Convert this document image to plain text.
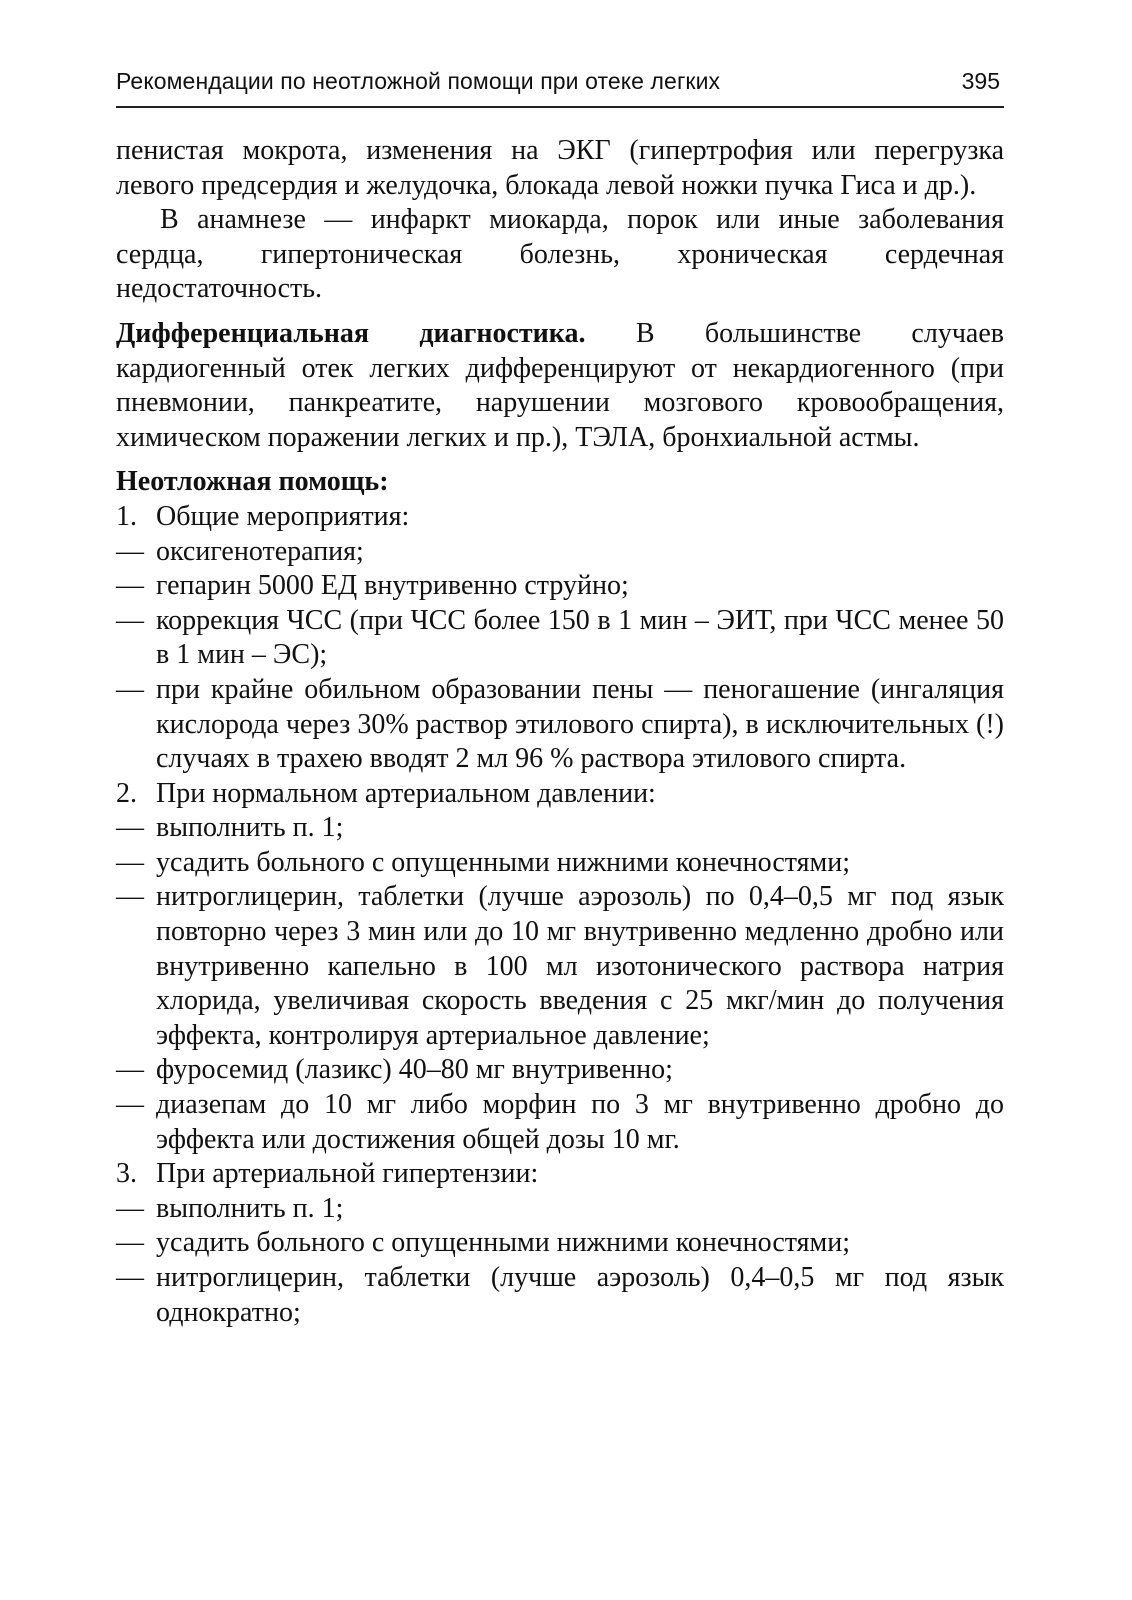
Рекомендации по неотложной помощи при отеке легких	395

пенистая мокрота, изменения на ЭКГ (гипертрофия или перегрузка левого предсердия и желудочка, блокада левой ножки пучка Гиса и др.).

В анамнезе — инфаркт миокарда, порок или иные заболевания сердца, гипертоническая болезнь, хроническая сердечная недостаточность.

Дифференциальная диагностика. В большинстве случаев кардиогенный отек легких дифференцируют от некардиогенного (при пневмонии, панкреатите, нарушении мозгового кровообращения, химическом поражении легких и пр.), ТЭЛА, бронхиальной астмы.

Неотложная помощь:

1. Общие мероприятия:

— оксигенотерапия;

— гепарин 5000 ЕД внутривенно струйно;

— коррекция ЧСС (при ЧСС более 150 в 1 мин – ЭИТ, при ЧСС менее 50 в 1 мин – ЭС);

— при крайне обильном образовании пены — пеногашение (ингаляция кислорода через 30% раствор этилового спирта), в исключительных (!) случаях в трахею вводят 2 мл 96 % раствора этилового спирта.

2. При нормальном артериальном давлении:

— выполнить п. 1;

— усадить больного с опущенными нижними конечностями;

— нитроглицерин, таблетки (лучше аэрозоль) по 0,4–0,5 мг под язык повторно через 3 мин или до 10 мг внутривенно медленно дробно или внутривенно капельно в 100 мл изотонического раствора натрия хлорида, увеличивая скорость введения с 25 мкг/мин до получения эффекта, контролируя артериальное давление;

— фуросемид (лазикс) 40–80 мг внутривенно;

— диазепам до 10 мг либо морфин по 3 мг внутривенно дробно до эффекта или достижения общей дозы 10 мг.

3. При артериальной гипертензии:

— выполнить п. 1;

— усадить больного с опущенными нижними конечностями;

— нитроглицерин, таблетки (лучше аэрозоль) 0,4–0,5 мг под язык однократно;
